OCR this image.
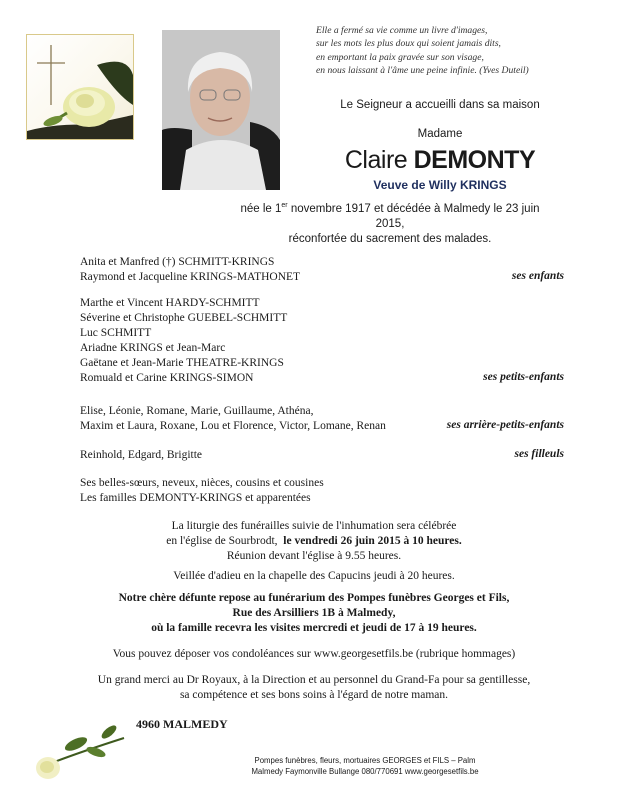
Elle a fermé sa vie comme un livre d'images,
sur les mots les plus doux qui soient jamais dits,
en emportant la paix gravée sur son visage,
en nous laissant à l'âme une peine infinie. (Yves Duteil)
Le Seigneur a accueilli dans sa maison
Madame
Claire DEMONTY
Veuve de Willy KRINGS
née le 1er novembre 1917 et décédée à Malmedy le 23 juin 2015,
réconfortée du sacrement des malades.
Anita et Manfred (†) SCHMITT-KRINGS
Raymond et Jacqueline KRINGS-MATHONET	ses enfants
Marthe et Vincent HARDY-SCHMITT
Séverine et Christophe GUEBEL-SCHMITT
Luc SCHMITT
Ariadne KRINGS et Jean-Marc
Gaëtane et Jean-Marie THEATRE-KRINGS
Romuald et Carine KRINGS-SIMON	ses petits-enfants
Elise, Léonie, Romane, Marie, Guillaume, Athéna,
Maxim et Laura, Roxane, Lou et Florence, Victor, Lomane, Renan	ses arrière-petits-enfants
Reinhold, Edgard, Brigitte	ses filleuls
Ses belles-sœurs, neveux, nièces, cousins et cousines
Les familles DEMONTY-KRINGS et apparentées
La liturgie des funérailles suivie de l'inhumation sera célébrée
en l'église de Sourbrodt, le vendredi 26 juin 2015 à 10 heures.
Réunion devant l'église à 9.55 heures.
Veillée d'adieu en la chapelle des Capucins jeudi à 20 heures.
Notre chère défunte repose au funérarium des Pompes funèbres Georges et Fils,
Rue des Arsilliers 1B à Malmedy,
où la famille recevra les visites mercredi et jeudi de 17 à 19 heures.
Vous pouvez déposer vos condoléances sur www.georgesetfils.be (rubrique hommages)
Un grand merci au Dr Royaux, à la Direction et au personnel du Grand-Fa pour sa gentillesse,
sa compétence et ses bons soins à l'égard de notre maman.
4960 MALMEDY
Pompes funèbres, fleurs, mortuaires GEORGES et FILS – Palm
Malmedy Faymonville Bullange 080/770691 www.georgesetfils.be
